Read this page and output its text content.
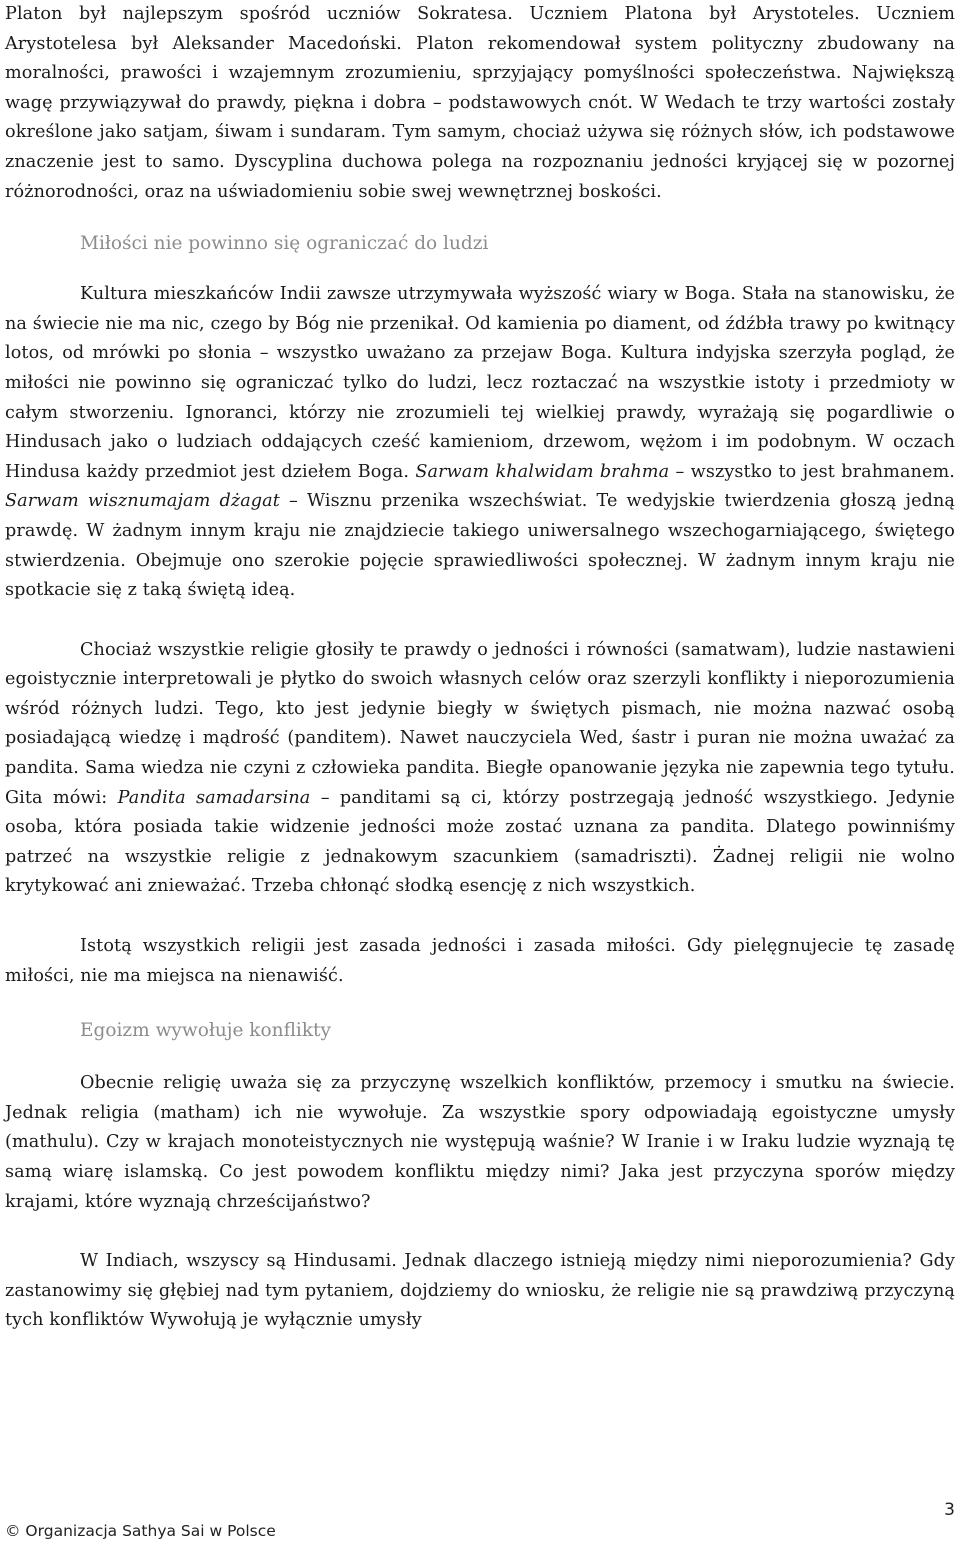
Platon był najlepszym spośród uczniów Sokratesa. Uczniem Platona był Arystoteles. Uczniem Arystotelesa był Aleksander Macedoński. Platon rekomendował system polityczny zbudowany na moralności, prawości i wzajemnym zrozumieniu, sprzyjający pomyślności społeczeństwa. Największą wagę przywiązywał do prawdy, piękna i dobra – podstawowych cnót. W Wedach te trzy wartości zostały określone jako satjam, śiwam i sundaram. Tym samym, chociaż używa się różnych słów, ich podstawowe znaczenie jest to samo. Dyscyplina duchowa polega na rozpoznaniu jedności kryjącej się w pozornej różnorodności, oraz na uświadomieniu sobie swej wewnętrznej boskości.

Miłości nie powinno się ograniczać do ludzi

Kultura mieszkańców Indii zawsze utrzymywała wyższość wiary w Boga. Stała na stanowisku, że na świecie nie ma nic, czego by Bóg nie przenikał. Od kamienia po diament, od źdźbła trawy po kwitnący lotos, od mrówki po słonia – wszystko uważano za przejaw Boga. Kultura indyjska szerzyła pogląd, że miłości nie powinno się ograniczać tylko do ludzi, lecz roztaczać na wszystkie istoty i przedmioty w całym stworzeniu. Ignoranci, którzy nie zrozumieli tej wielkiej prawdy, wyrażają się pogardliwie o Hindusach jako o ludziach oddających cześć kamieniom, drzewom, wężom i im podobnym. W oczach Hindusa każdy przedmiot jest dziełem Boga. Sarwam khalwidam brahma – wszystko to jest brahmanem. Sarwam wisznumajam dżagat – Wisznu przenika wszechświat. Te wedyjskie twierdzenia głoszą jedną prawdę. W żadnym innym kraju nie znajdziecie takiego uniwersalnego wszechogarniającego, świętego stwierdzenia. Obejmuje ono szerokie pojęcie sprawiedliwości społecznej. W żadnym innym kraju nie spotkacie się z taką świętą ideą.

Chociaż wszystkie religie głosiły te prawdy o jedności i równości (samatwam), ludzie nastawieni egoistycznie interpretowali je płytko do swoich własnych celów oraz szerzyli konflikty i nieporozumienia wśród różnych ludzi. Tego, kto jest jedynie biegły w świętych pismach, nie można nazwać osobą posiadającą wiedzę i mądrość (panditem). Nawet nauczyciela Wed, śastr i puran nie można uważać za pandita. Sama wiedza nie czyni z człowieka pandita. Biegłe opanowanie języka nie zapewnia tego tytułu. Gita mówi: Pandita samadarsina – panditami są ci, którzy postrzegają jedność wszystkiego. Jedynie osoba, która posiada takie widzenie jedności może zostać uznana za pandita. Dlatego powinniśmy patrzeć na wszystkie religie z jednakowym szacunkiem (samadriszti). Żadnej religii nie wolno krytykować ani znieważać. Trzeba chłonąć słodką esencję z nich wszystkich.

Istotą wszystkich religii jest zasada jedności i zasada miłości. Gdy pielęgnujecie tę zasadę miłości, nie ma miejsca na nienawiść.

Egoizm wywołuje konflikty

Obecnie religię uważa się za przyczynę wszelkich konfliktów, przemocy i smutku na świecie. Jednak religia (matham) ich nie wywołuje. Za wszystkie spory odpowiadają egoistyczne umysły (mathulu). Czy w krajach monoteistycznych nie występują waśnie? W Iranie i w Iraku ludzie wyznają tę samą wiarę islamską. Co jest powodem konfliktu między nimi? Jaka jest przyczyna sporów między krajami, które wyznają chrześcijaństwo?

W Indiach, wszyscy są Hindusami. Jednak dlaczego istnieją między nimi nieporozumienia? Gdy zastanowimy się głębiej nad tym pytaniem, dojdziemy do wniosku, że religie nie są prawdziwą przyczyną tych konfliktów Wywołują je wyłącznie umysły

3
© Organizacja Sathya Sai w Polsce
